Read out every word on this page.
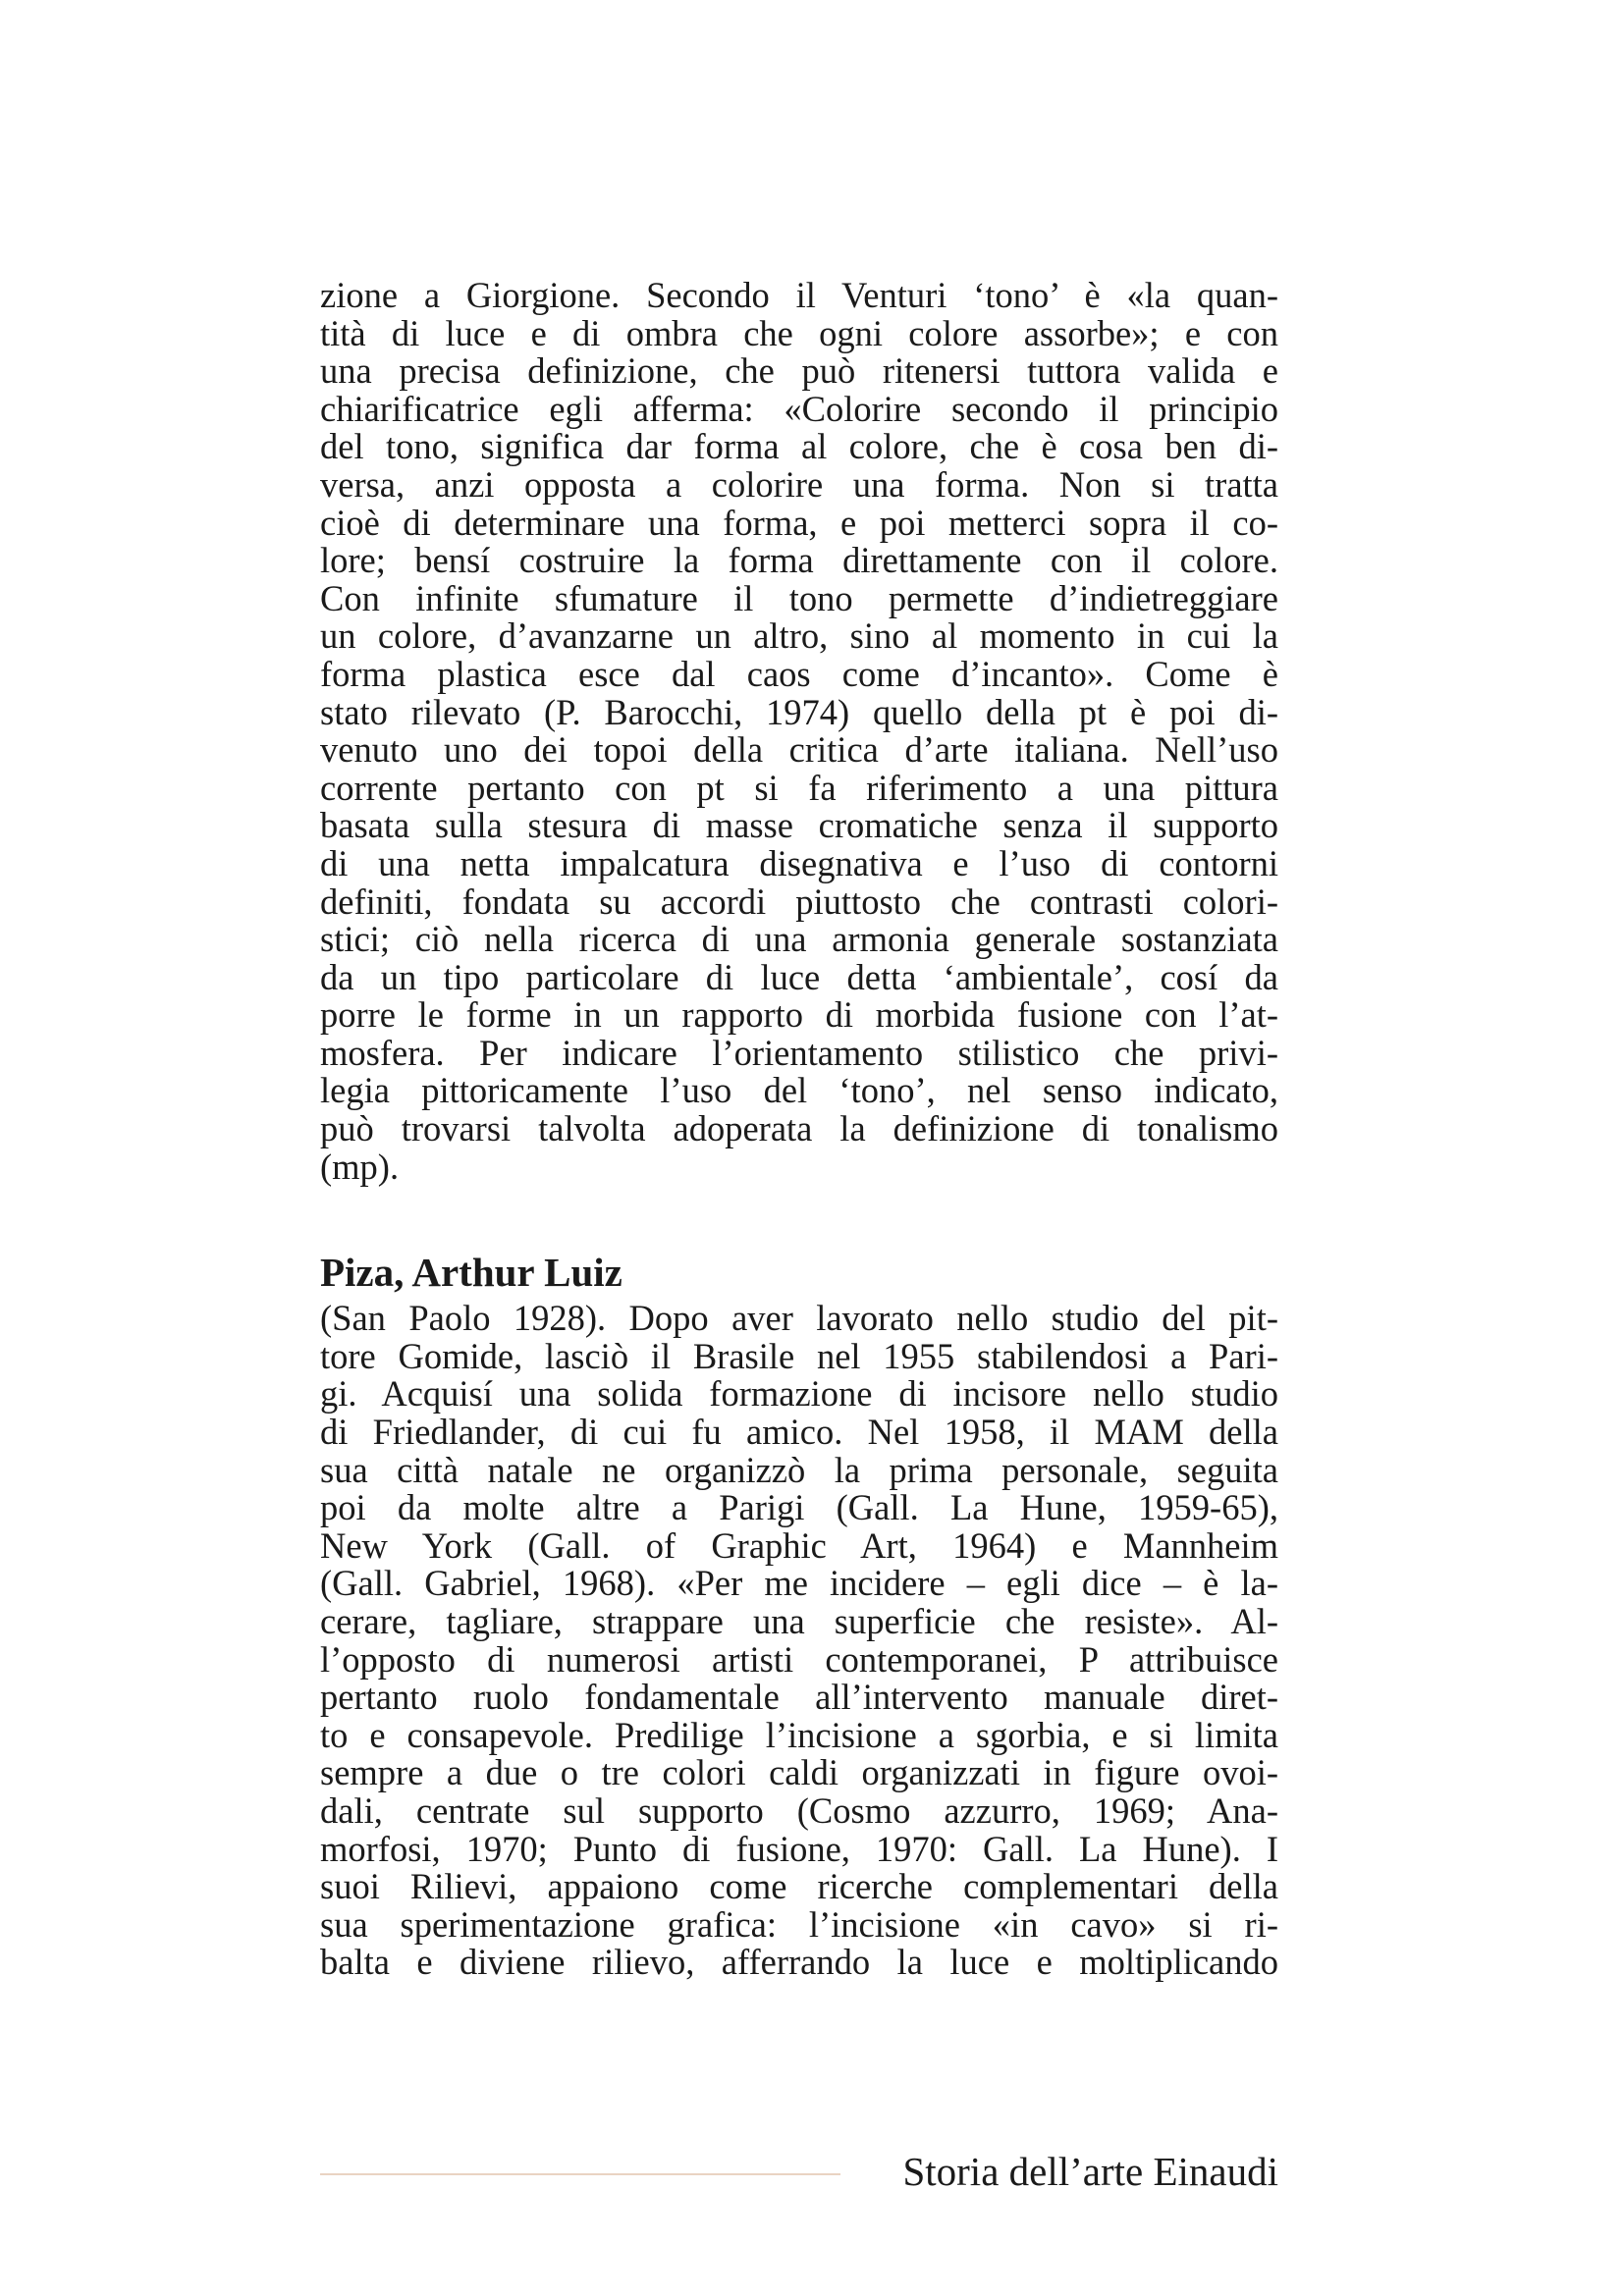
zione a Giorgione. Secondo il Venturi ‘tono’ è «la quan-
tità di luce e di ombra che ogni colore assorbe»; e con
una precisa definizione, che può ritenersi tuttora valida e
chiarificatrice egli afferma: «Colorire secondo il principio
del tono, significa dar forma al colore, che è cosa ben di-
versa, anzi opposta a colorire una forma. Non si tratta
cioè di determinare una forma, e poi metterci sopra il co-
lore; bensí costruire la forma direttamente con il colore.
Con infinite sfumature il tono permette d’indietreggiare
un colore, d’avanzarne un altro, sino al momento in cui la
forma plastica esce dal caos come d’incanto». Come è
stato rilevato (P. Barocchi, 1974) quello della pt è poi di-
venuto uno dei topoi della critica d’arte italiana. Nell’uso
corrente pertanto con pt si fa riferimento a una pittura
basata sulla stesura di masse cromatiche senza il supporto
di una netta impalcatura disegnativa e l’uso di contorni
definiti, fondata su accordi piuttosto che contrasti colori-
stici; ciò nella ricerca di una armonia generale sostanziata
da un tipo particolare di luce detta ‘ambientale’, cosí da
porre le forme in un rapporto di morbida fusione con l’at-
mosfera. Per indicare l’orientamento stilistico che privi-
legia pittoricamente l’uso del ‘tono’, nel senso indicato,
può trovarsi talvolta adoperata la definizione di tonalismo
(mp).
Piza, Arthur Luiz
(San Paolo 1928). Dopo aver lavorato nello studio del pit-
tore Gomide, lasciò il Brasile nel 1955 stabilendosi a Pari-
gi. Acquisí una solida formazione di incisore nello studio
di Friedlander, di cui fu amico. Nel 1958, il MAM della
sua città natale ne organizzò la prima personale, seguita
poi da molte altre a Parigi (Gall. La Hune, 1959-65),
New York (Gall. of Graphic Art, 1964) e Mannheim
(Gall. Gabriel, 1968). «Per me incidere – egli dice – è la-
cerare, tagliare, strappare una superficie che resiste». Al-
l’opposto di numerosi artisti contemporanei, P attribuisce
pertanto ruolo fondamentale all’intervento manuale diret-
to e consapevole. Predilige l’incisione a sgorbia, e si limita
sempre a due o tre colori caldi organizzati in figure ovoi-
dali, centrate sul supporto (Cosmo azzurro, 1969; Ana-
morfosi, 1970; Punto di fusione, 1970: Gall. La Hune). I
suoi Rilievi, appaiono come ricerche complementari della
sua sperimentazione grafica: l’incisione «in cavo» si ri-
balta e diviene rilievo, afferrando la luce e moltiplicando
Storia dell’arte Einaudi
